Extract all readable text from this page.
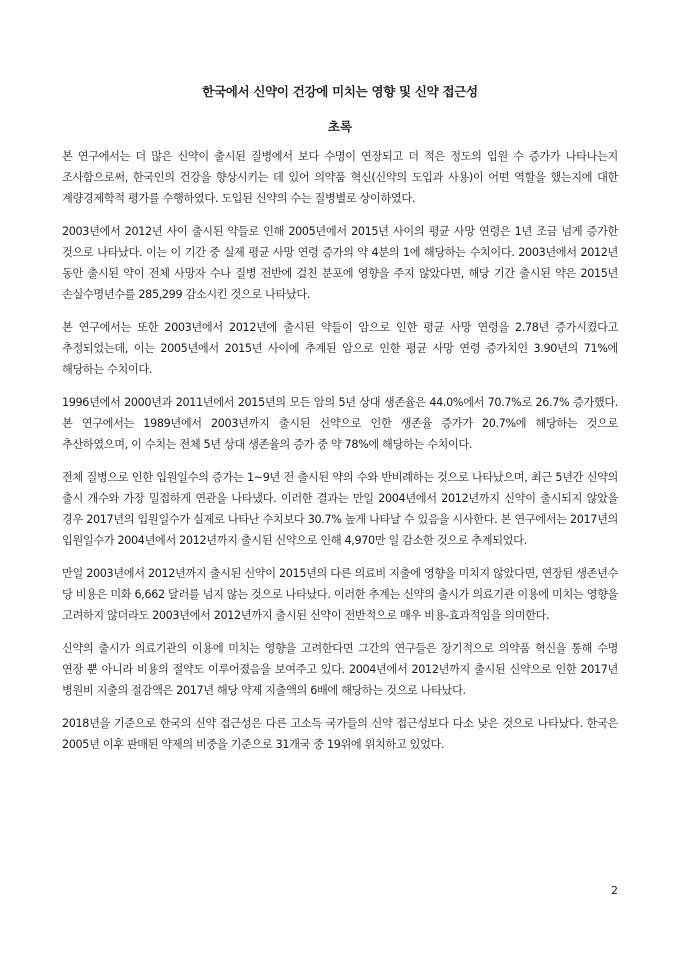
한국에서 신약이 건강에 미치는 영향 및 신약 접근성
초록

본 연구에서는 더 많은 신약이 출시된 질병에서 보다 수명이 연장되고 더 적은 정도의 입원 수 증가가 나타나는지 조사함으로써, 한국인의 건강을 향상시키는 데 있어 의약품 혁신(신약의 도입과 사용)이 어떤 역할을 했는지에 대한 계량경제학적 평가를 수행하였다. 도입된 신약의 수는 질병별로 상이하였다.

2003년에서 2012년 사이 출시된 약들로 인해 2005년에서 2015년 사이의 평균 사망 연령은 1년 조금 넘게 증가한 것으로 나타났다. 이는 이 기간 중 실제 평균 사망 연령 증가의 약 4분의 1에 해당하는 수치이다. 2003년에서 2012년 동안 출시된 약이 전체 사망자 수나 질병 전반에 걸친 분포에 영향을 주지 않았다면, 해당 기간 출시된 약은 2015년 손실수명년수를 285,299 감소시킨 것으로 나타났다.

본 연구에서는 또한 2003년에서 2012년에 출시된 약들이 암으로 인한 평균 사망 연령을 2.78년 증가시켰다고 추정되었는데, 이는 2005년에서 2015년 사이에 추계된 암으로 인한 평균 사망 연령 증가치인 3.90년의 71%에 해당하는 수치이다.

1996년에서 2000년과 2011년에서 2015년의 모든 암의 5년 상대 생존율은 44.0%에서 70.7%로 26.7% 증가했다. 본 연구에서는 1989년에서 2003년까지 출시된 신약으로 인한 생존율 증가가 20.7%에 해당하는 것으로 추산하였으며, 이 수치는 전체 5년 상대 생존율의 증가 중 약 78%에 해당하는 수치이다.

전체 질병으로 인한 입원일수의 증가는 1~9년 전 출시된 약의 수와 반비례하는 것으로 나타났으며, 최근 5년간 신약의 출시 개수와 가장 밀접하게 연관을 나타냈다. 이러한 결과는 만일 2004년에서 2012년까지 신약이 출시되지 않았을 경우 2017년의 입원일수가 실제로 나타난 수치보다 30.7% 높게 나타날 수 있음을 시사한다. 본 연구에서는 2017년의 입원일수가 2004년에서 2012년까지 출시된 신약으로 인해 4,970만 일 감소한 것으로 추계되었다.

만일 2003년에서 2012년까지 출시된 신약이 2015년의 다른 의료비 지출에 영향을 미치지 않았다면, 연장된 생존년수 당 비용은 미화 6,662 달러를 넘지 않는 것으로 나타났다. 이러한 추계는 신약의 출시가 의료기관 이용에 미치는 영향을 고려하지 않더라도 2003년에서 2012년까지 출시된 신약이 전반적으로 매우 비용-효과적임을 의미한다.

신약의 출시가 의료기관의 이용에 미치는 영향을 고려한다면 그간의 연구들은 장기적으로 의약품 혁신을 통해 수명 연장 뿐 아니라 비용의 절약도 이루어졌음을 보여주고 있다. 2004년에서 2012년까지 출시된 신약으로 인한 2017년 병원비 지출의 절감액은 2017년 해당 약제 지출액의 6배에 해당하는 것으로 나타났다.

2018년을 기준으로 한국의 신약 접근성은 다른 고소득 국가들의 신약 접근성보다 다소 낮은 것으로 나타났다. 한국은 2005년 이후 판매된 약제의 비중을 기준으로 31개국 중 19위에 위치하고 있었다.

2
